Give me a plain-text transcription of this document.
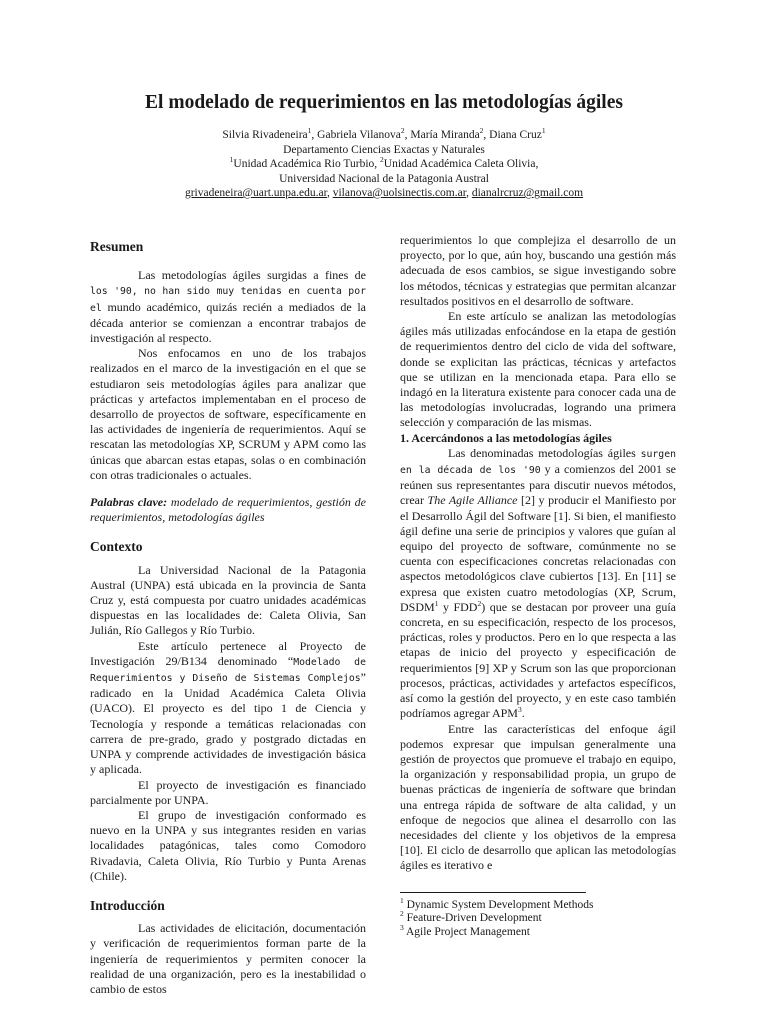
El modelado de requerimientos en las metodologías ágiles
Silvia Rivadeneira$^1$, Gabriela Vilanova$^2$, María Miranda$^2$, Diana Cruz$^1$
Departamento Ciencias Exactas y Naturales
$^1$Unidad Académica Rio Turbio, $^2$Unidad Académica Caleta Olivia,
Universidad Nacional de la Patagonia Austral
grivadeneira@uart.unpa.edu.ar, vilanova@uolsinectis.com.ar, dianalrcruz@gmail.com
Resumen

Las metodologías ágiles surgidas a fines de los '90, no han sido muy tenidas en cuenta por el mundo académico, quizás recién a mediados de la década anterior se comienzan a encontrar trabajos de investigación al respecto.

Nos enfocamos en uno de los trabajos realizados en el marco de la investigación en el que se estudiaron seis metodologías ágiles para analizar que prácticas y artefactos implementaban en el proceso de desarrollo de proyectos de software, específicamente en las actividades de ingeniería de requerimientos. Aquí se rescatan las metodologías XP, SCRUM y APM como las únicas que abarcan estas etapas, solas o en combinación con otras tradicionales o actuales.

Palabras clave: modelado de requerimientos, gestión de requerimientos, metodologías ágiles

Contexto

La Universidad Nacional de la Patagonia Austral (UNPA) está ubicada en la provincia de Santa Cruz y, está compuesta por cuatro unidades académicas dispuestas en las localidades de: Caleta Olivia, San Julián, Río Gallegos y Río Turbio.

Este artículo pertenece al Proyecto de Investigación 29/B134 denominado “Modelado de Requerimientos y Diseño de Sistemas Complejos” radicado en la Unidad Académica Caleta Olivia (UACO). El proyecto es del tipo 1 de Ciencia y Tecnología y responde a temáticas relacionadas con carrera de pre-grado, grado y postgrado dictadas en UNPA y comprende actividades de investigación básica y aplicada.

El proyecto de investigación es financiado parcialmente por UNPA.

El grupo de investigación conformado es nuevo en la UNPA y sus integrantes residen en varias localidades patagónicas, tales como Comodoro Rivadavia, Caleta Olivia, Río Turbio y Punta Arenas (Chile).

Introducción

Las actividades de elicitación, documentación y verificación de requerimientos forman parte de la ingeniería de requerimientos y permiten conocer la realidad de una organización, pero es la inestabilidad o cambio de estos

requerimientos lo que complejiza el desarrollo de un proyecto, por lo que, aún hoy, buscando una gestión más adecuada de esos cambios, se sigue investigando sobre los métodos, técnicas y estrategias que permitan alcanzar resultados positivos en el desarrollo de software.

En este artículo se analizan las metodologías ágiles más utilizadas enfocándose en la etapa de gestión de requerimientos dentro del ciclo de vida del software, donde se explicitan las prácticas, técnicas y artefactos que se utilizan en la mencionada etapa. Para ello se indagó en la literatura existente para conocer cada una de las metodologías involucradas, logrando una primera selección y comparación de las mismas.

1. Acercándonos a las metodologías ágiles

Las denominadas metodologías ágiles surgen en la década de los '90 y a comienzos del 2001 se reúnen sus representantes para discutir nuevos métodos, crear The Agile Alliance [2] y producir el Manifiesto por el Desarrollo Ágil del Software [1]. Si bien, el manifiesto ágil define una serie de principios y valores que guían al equipo del proyecto de software, comúnmente no se cuenta con especificaciones concretas relacionadas con aspectos metodológicos clave cubiertos [13]. En [11] se expresa que existen cuatro metodologías (XP, Scrum, DSDM$^1$ y FDD$^2$) que se destacan por proveer una guía concreta, en su especificación, respecto de los procesos, prácticas, roles y productos. Pero en lo que respecta a las etapas de inicio del proyecto y especificación de requerimientos [9] XP y Scrum son las que proporcionan procesos, prácticas, actividades y artefactos específicos, así como la gestión del proyecto, y en este caso también podríamos agregar APM$^3$.

Entre las características del enfoque ágil podemos expresar que impulsan generalmente una gestión de proyectos que promueve el trabajo en equipo, la organización y responsabilidad propia, un grupo de buenas prácticas de ingeniería de software que brindan una entrega rápida de software de alta calidad, y un enfoque de negocios que alinea el desarrollo con las necesidades del cliente y los objetivos de la empresa [10]. El ciclo de desarrollo que aplican las metodologías ágiles es iterativo e

$^1$ Dynamic System Development Methods

$^2$ Feature-Driven Development

$^3$ Agile Project Management
